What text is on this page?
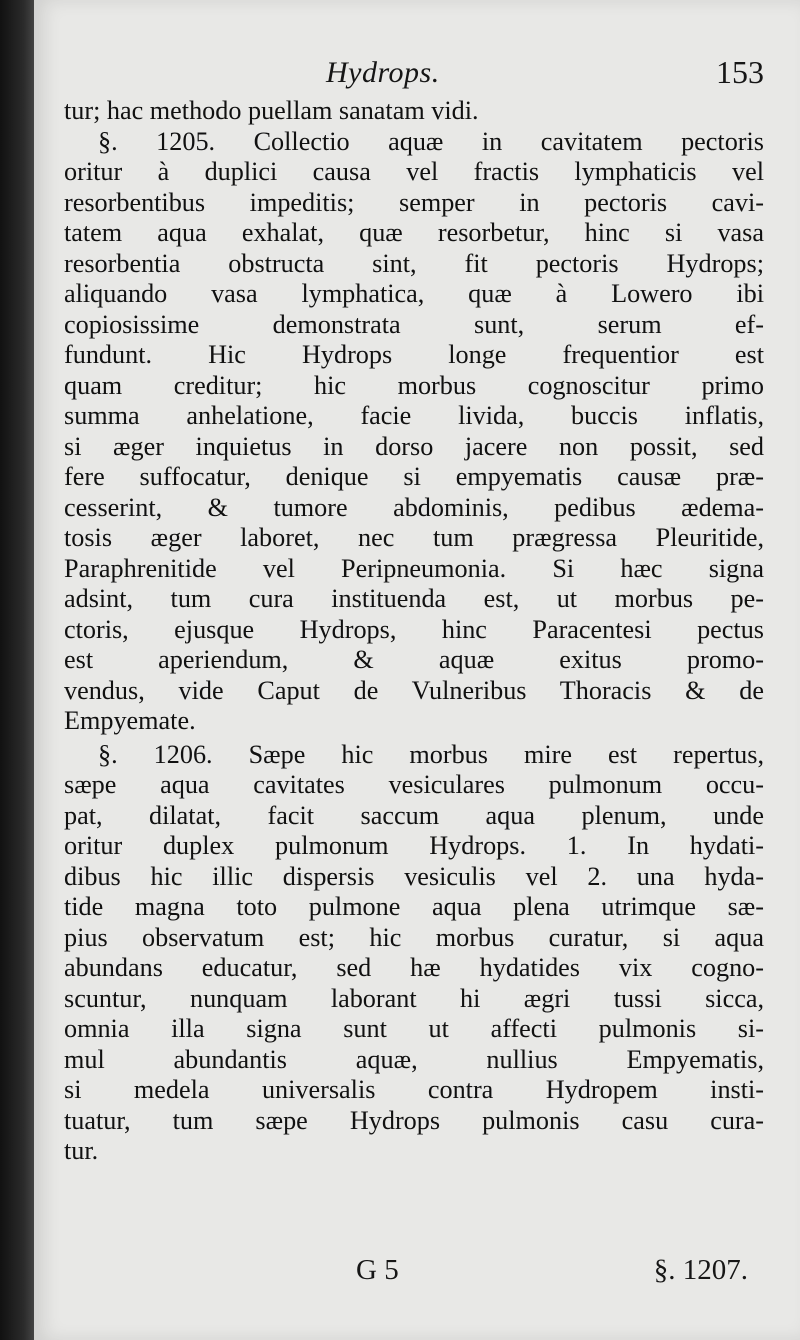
Hydrops.	153
tur; hac methodo puellam sanatam vidi.
§. 1205. Collectio aquæ in cavitatem pectoris
oritur à duplici causa vel fractis lymphaticis vel
resorbentibus impeditis; semper in pectoris cavi-
tatem aqua exhalat, quæ resorbetur, hinc si vasa
resorbentia obstructa sint, fit pectoris Hydrops;
aliquando vasa lymphatica, quæ à Lowero ibi
copiosissime demonstrata sunt, serum ef-
fundunt. Hic Hydrops longe frequentior est
quam creditur; hic morbus cognoscitur primo
summa anhelatione, facie livida, buccis inflatis,
si æger inquietus in dorso jacere non possit, sed
fere suffocatur, denique si empyematis causæ præ-
cesserint, & tumore abdominis, pedibus ædema-
tosis æger laboret, nec tum prægressa Pleuritide,
Paraphrenitide vel Peripneumonia. Si hæc signa
adsint, tum cura instituenda est, ut morbus pe-
ctoris, ejusque Hydrops, hinc Paracentesi pectus
est aperiendum, & aquæ exitus promo-
vendus, vide Caput de Vulneribus Thoracis & de
Empyemate.
§. 1206. Sæpe hic morbus mire est repertus,
sæpe aqua cavitates vesiculares pulmonum occu-
pat, dilatat, facit saccum aqua plenum, unde
oritur duplex pulmonum Hydrops. 1. In hydati-
dibus hic illic dispersis vesiculis vel 2. una hyda-
tide magna toto pulmone aqua plena utrimque sæ-
pius observatum est; hic morbus curatur, si aqua
abundans educatur, sed hæ hydatides vix cogno-
scuntur, nunquam laborant hi ægri tussi sicca,
omnia illa signa sunt ut affecti pulmonis si-
mul abundantis aquæ, nullius Empyematis,
si medela universalis contra Hydropem insti-
tuatur, tum sæpe Hydrops pulmonis casu cura-
tur.
G 5	§. 1207.
